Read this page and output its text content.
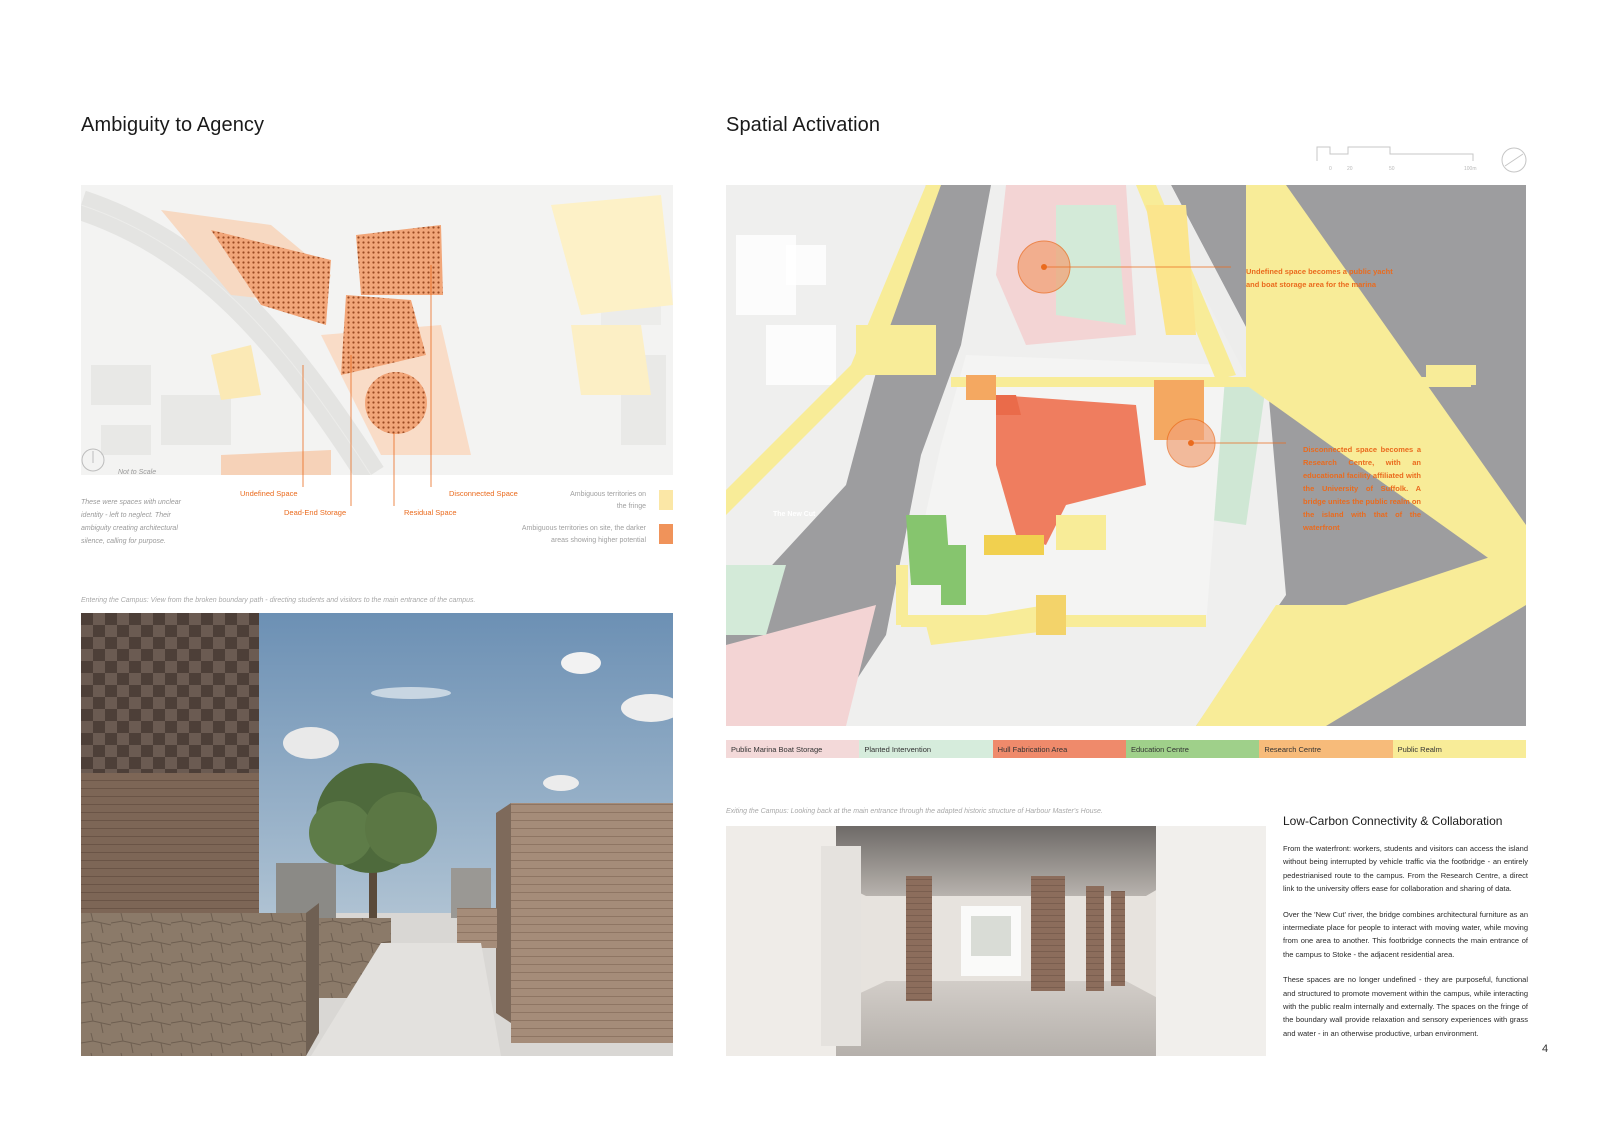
Ambiguity to Agency
Not to Scale
Undefined Space
Dead-End Storage	Residual Space
Disconnected Space
These were spaces with unclear identity - left to neglect. Their ambiguity creating architectural silence, calling for purpose.
Ambiguous territories on the fringe
Ambiguous territories on site, the darker areas showing higher potential
Entering the Campus: View from the broken boundary path - directing students and visitors to the main entrance of the campus.
Spatial Activation
0	20	50	100m
The New Cut
Undefined space becomes a public yacht and boat storage area for the marina
Disconnected space becomes a Research Centre, with an educational facility affiliated with the University of Suffolk. A bridge unites the public realm on the island with that of the waterfront
Public Marina Boat Storage	Planted Intervention	Hull Fabrication Area	Education Centre	Research Centre	Public Realm
Exiting the Campus: Looking back at the main entrance through the adapted historic structure of Harbour Master's House.
Low-Carbon Connectivity & Collaboration

From the waterfront: workers, students and visitors can access the island without being interrupted by vehicle traffic via the footbridge - an entirely pedestrianised route to the campus. From the Research Centre, a direct link to the university offers ease for collaboration and sharing of data.

Over the 'New Cut' river, the bridge combines architectural furniture as an intermediate place for people to interact with moving water, while moving from one area to another. This footbridge connects the main entrance of the campus to Stoke - the adjacent residential area.

These spaces are no longer undefined - they are purposeful, functional and structured to promote movement within the campus, while interacting with the public realm internally and externally. The spaces on the fringe of the boundary wall provide relaxation and sensory experiences with grass and water - in an otherwise productive, urban environment.

4
